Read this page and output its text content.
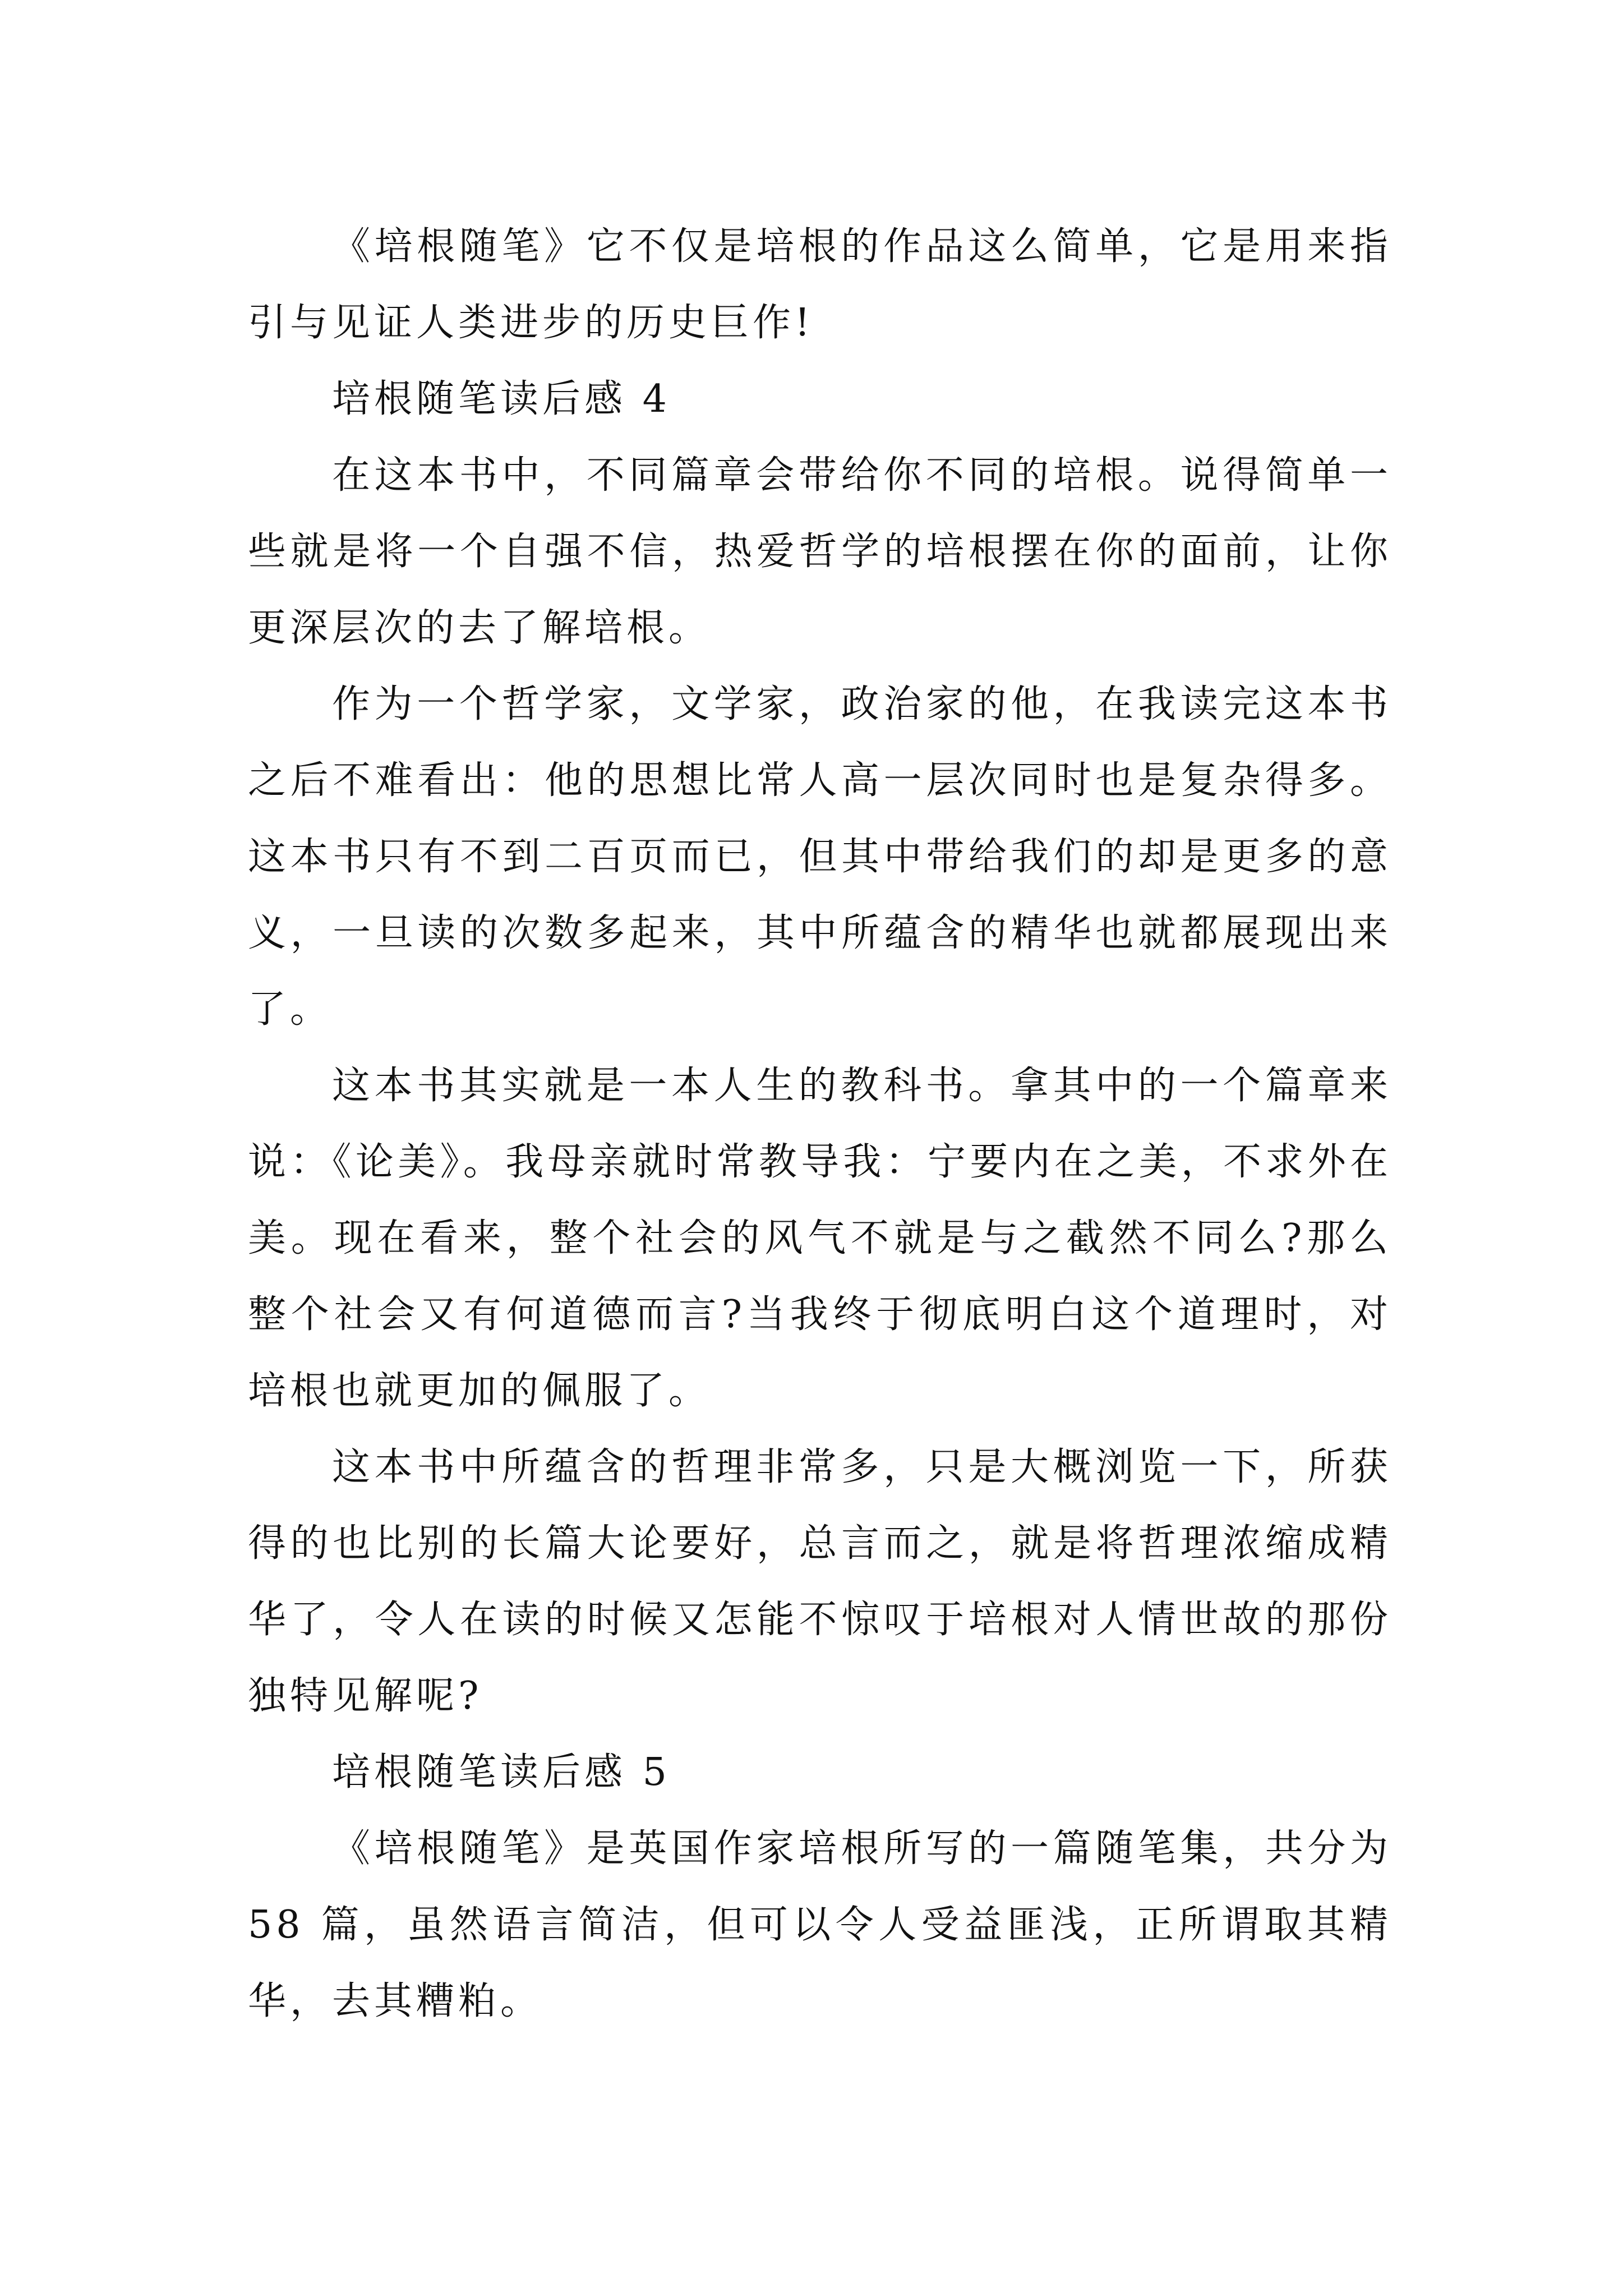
《培根随笔》它不仅是培根的作品这么简单，它是用来指引与见证人类进步的历史巨作!

培根随笔读后感 4

在这本书中，不同篇章会带给你不同的培根。说得简单一些就是将一个自强不信，热爱哲学的培根摆在你的面前，让你更深层次的去了解培根。

作为一个哲学家，文学家，政治家的他，在我读完这本书之后不难看出：他的思想比常人高一层次同时也是复杂得多。这本书只有不到二百页而已，但其中带给我们的却是更多的意义，一旦读的次数多起来，其中所蕴含的精华也就都展现出来了。

这本书其实就是一本人生的教科书。拿其中的一个篇章来说：《论美》。我母亲就时常教导我：宁要内在之美，不求外在美。现在看来，整个社会的风气不就是与之截然不同么?那么整个社会又有何道德而言?当我终于彻底明白这个道理时，对培根也就更加的佩服了。

这本书中所蕴含的哲理非常多，只是大概浏览一下，所获得的也比别的长篇大论要好，总言而之，就是将哲理浓缩成精华了，令人在读的时候又怎能不惊叹于培根对人情世故的那份独特见解呢?

培根随笔读后感 5

《培根随笔》是英国作家培根所写的一篇随笔集，共分为 58 篇，虽然语言简洁，但可以令人受益匪浅，正所谓取其精华，去其糟粕。
